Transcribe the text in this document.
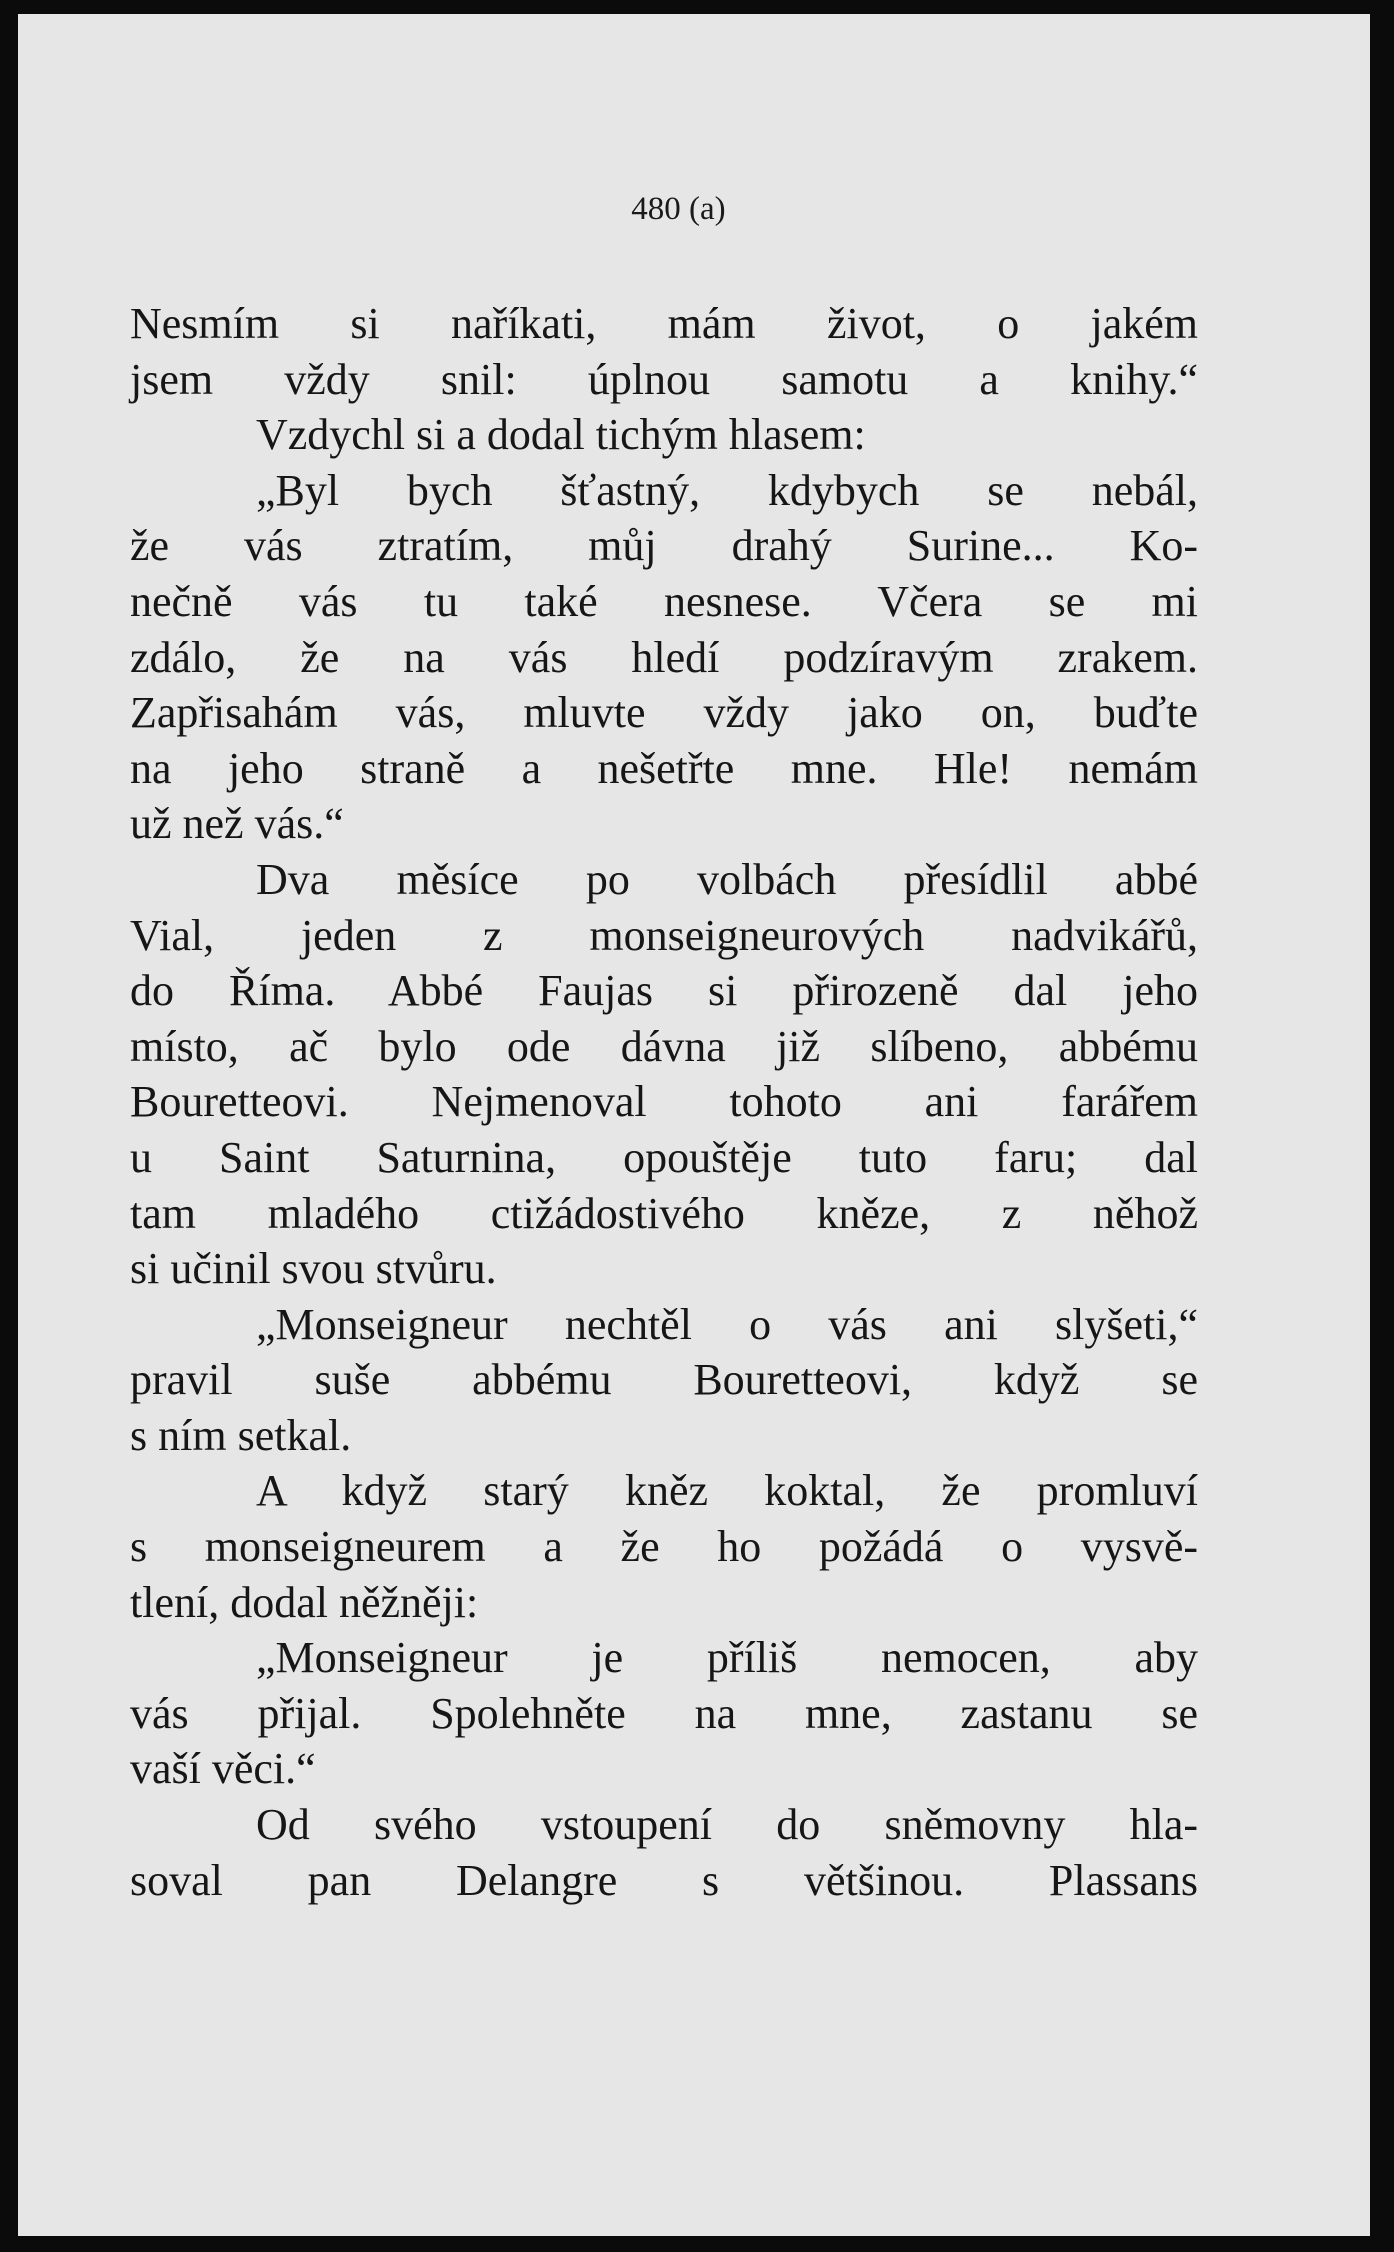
480 (a)
Nesmím si naříkati, mám život, o jakém
jsem vždy snil: úplnou samotu a knihy.“
Vzdychl si a dodal tichým hlasem:
„Byl bych šťastný, kdybych se nebál,
že vás ztratím, můj drahý Surine... Ko-
nečně vás tu také nesnese. Včera se mi
zdálo, že na vás hledí podzíravým zrakem.
Zapřisahám vás, mluvte vždy jako on, buďte
na jeho straně a nešetřte mne. Hle! nemám
už než vás.“
Dva měsíce po volbách přesídlil abbé
Vial, jeden z monseigneurových nadvikářů,
do Říma. Abbé Faujas si přirozeně dal jeho
místo, ač bylo ode dávna již slíbeno, abbému
Bouretteovi. Nejmenoval tohoto ani farářem
u Saint Saturnina, opouštěje tuto faru; dal
tam mladého ctižádostivého kněze, z něhož
si učinil svou stvůru.
„Monseigneur nechtěl o vás ani slyšeti,“
pravil suše abbému Bouretteovi, když se
s ním setkal.
A když starý kněz koktal, že promluví
s monseigneurem a že ho požádá o vysvě-
tlení, dodal něžněji:
„Monseigneur je příliš nemocen, aby
vás přijal. Spolehněte na mne, zastanu se
vaší věci.“
Od svého vstoupení do sněmovny hla-
soval pan Delangre s většinou. Plassans
